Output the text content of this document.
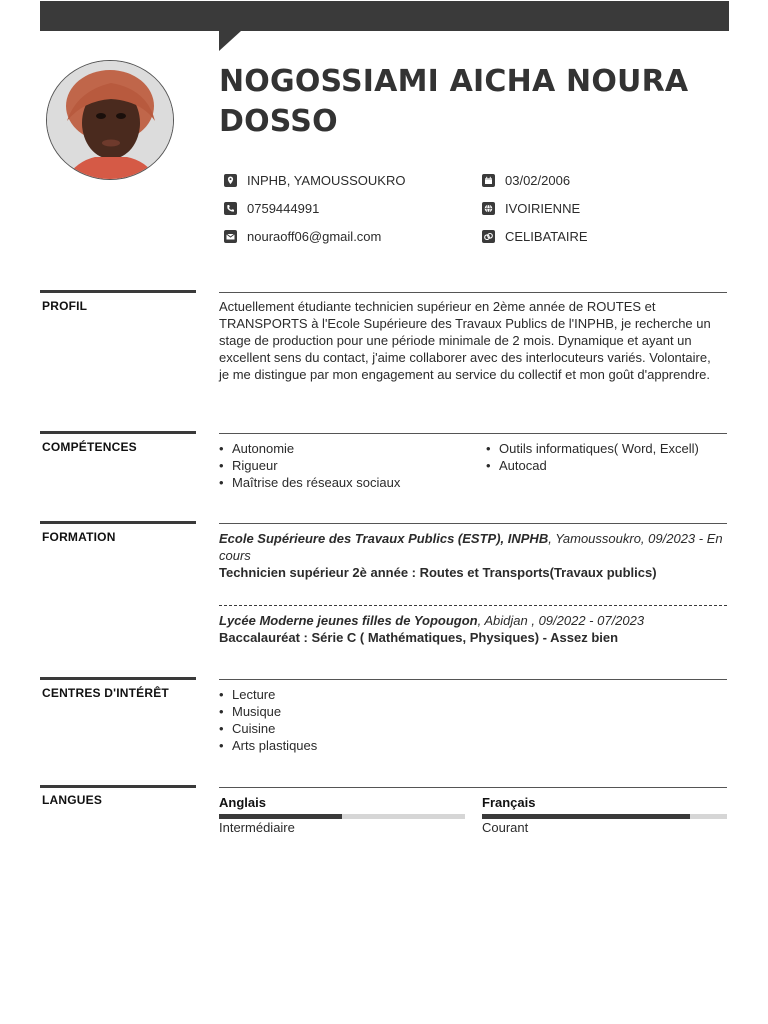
NOGOSSIAMI AICHA NOURA
DOSSO
INPHB, YAMOUSSOUKRO
0759444991
nouraoff06@gmail.com
03/02/2006
IVOIRIENNE
CELIBATAIRE
PROFIL	Actuellement étudiante technicien supérieur en 2ème année de ROUTES et TRANSPORTS à l'Ecole Supérieure des Travaux Publics de l'INPHB, je recherche un stage de production pour une période minimale de 2 mois. Dynamique et ayant un excellent sens du contact, j'aime collaborer avec des interlocuteurs variés. Volontaire, je me distingue par mon engagement au service du collectif et mon goût d'apprendre.
COMPÉTENCES	• Autonomie
• Rigueur
• Maîtrise des réseaux sociaux
• Outils informatiques( Word, Excell)
• Autocad
FORMATION	Ecole Supérieure des Travaux Publics (ESTP), INPHB, Yamoussoukro, 09/2023 - En cours
Technicien supérieur 2è année : Routes et Transports(Travaux publics)
Lycée Moderne jeunes filles de Yopougon, Abidjan , 09/2022 - 07/2023
Baccalauréat : Série C ( Mathématiques, Physiques) - Assez bien
CENTRES D'INTÉRÊT	• Lecture
• Musique
• Cuisine
• Arts plastiques
LANGUES	Anglais
Intermédiaire
Français
Courant
